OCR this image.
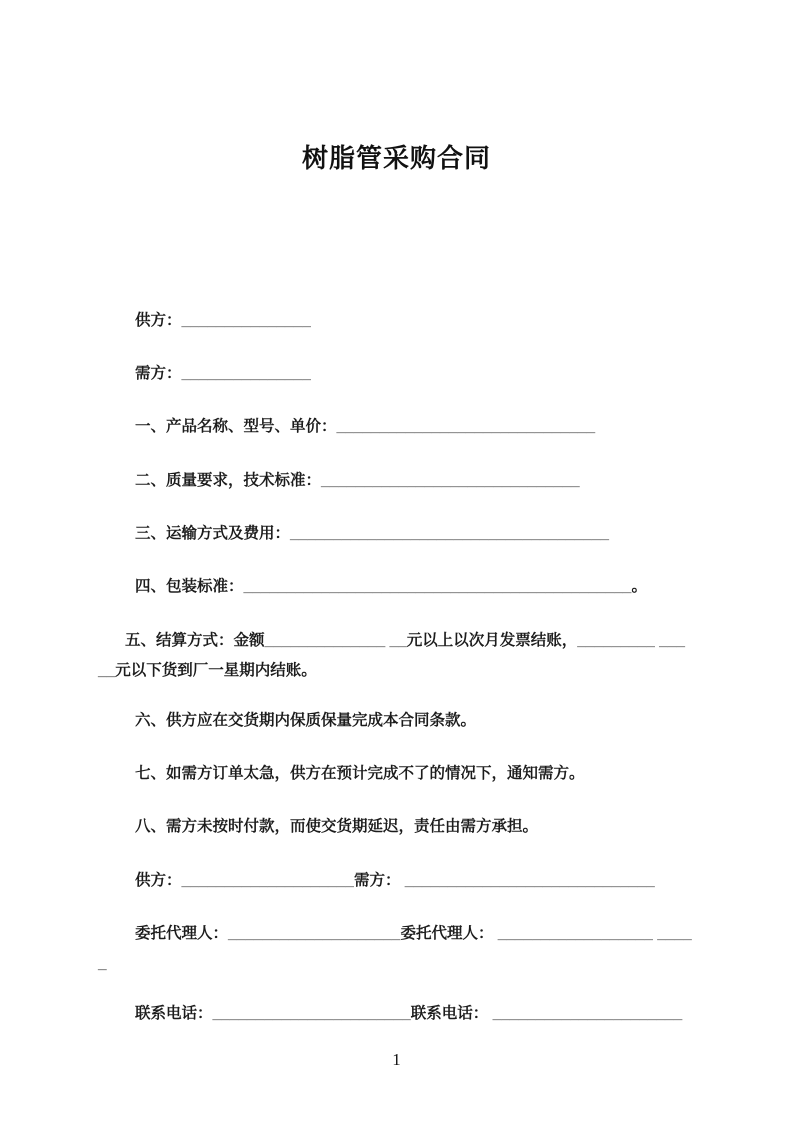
树脂管采购合同

供方：_______________

需方：_______________

一、产品名称、型号、单价：______________________________

二、质量要求，技术标准：______________________________

三、运输方式及费用：_____________________________________

四、包装标准：_____________________________________________。

五、结算方式：金额______________ __元以上以次月发票结账，_________ ___

__元以下货到厂一星期内结账。

六、供方应在交货期内保质保量完成本合同条款。

七、如需方订单太急，供方在预计完成不了的情况下，通知需方。

八、需方未按时付款，而使交货期延迟，责任由需方承担。

供方：____________________需方： _____________________________

委托代理人：____________________委托代理人： __________________ ____

_

联系电话：_______________________联系电话： ______________________

1
